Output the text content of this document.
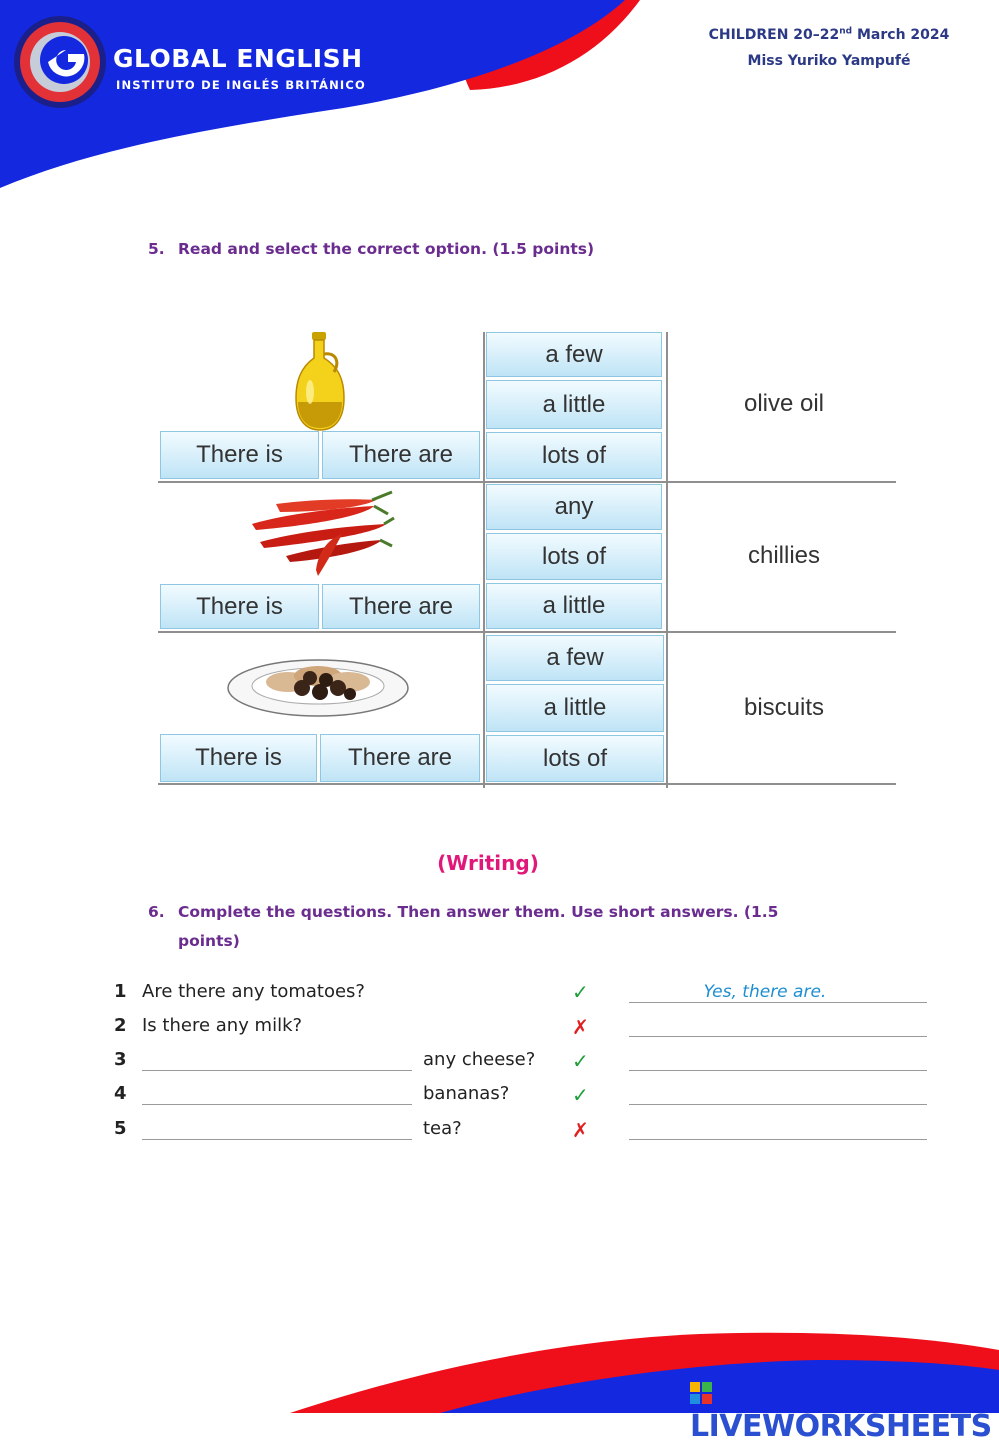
GLOBAL ENGLISH
INSTITUTO DE INGLÉS BRITÁNICO
CHILDREN 20–22nd March 2024
Miss Yuriko Yampufé
5. Read and select the correct option. (1.5 points)
There is	There are
a few
a little
lots of
olive oil
There is	There are
any
lots of
a little
chillies
There is	There are
a few
a little
lots of
biscuits
(Writing)
6. Complete the questions. Then answer them. Use short answers. (1.5
points)
1 Are there any tomatoes?	✓	Yes, there are.
2 Is there any milk?	✗
3	any cheese? ✓
4	bananas?	✓
5	tea?	✗
LIVEWORKSHEETS
